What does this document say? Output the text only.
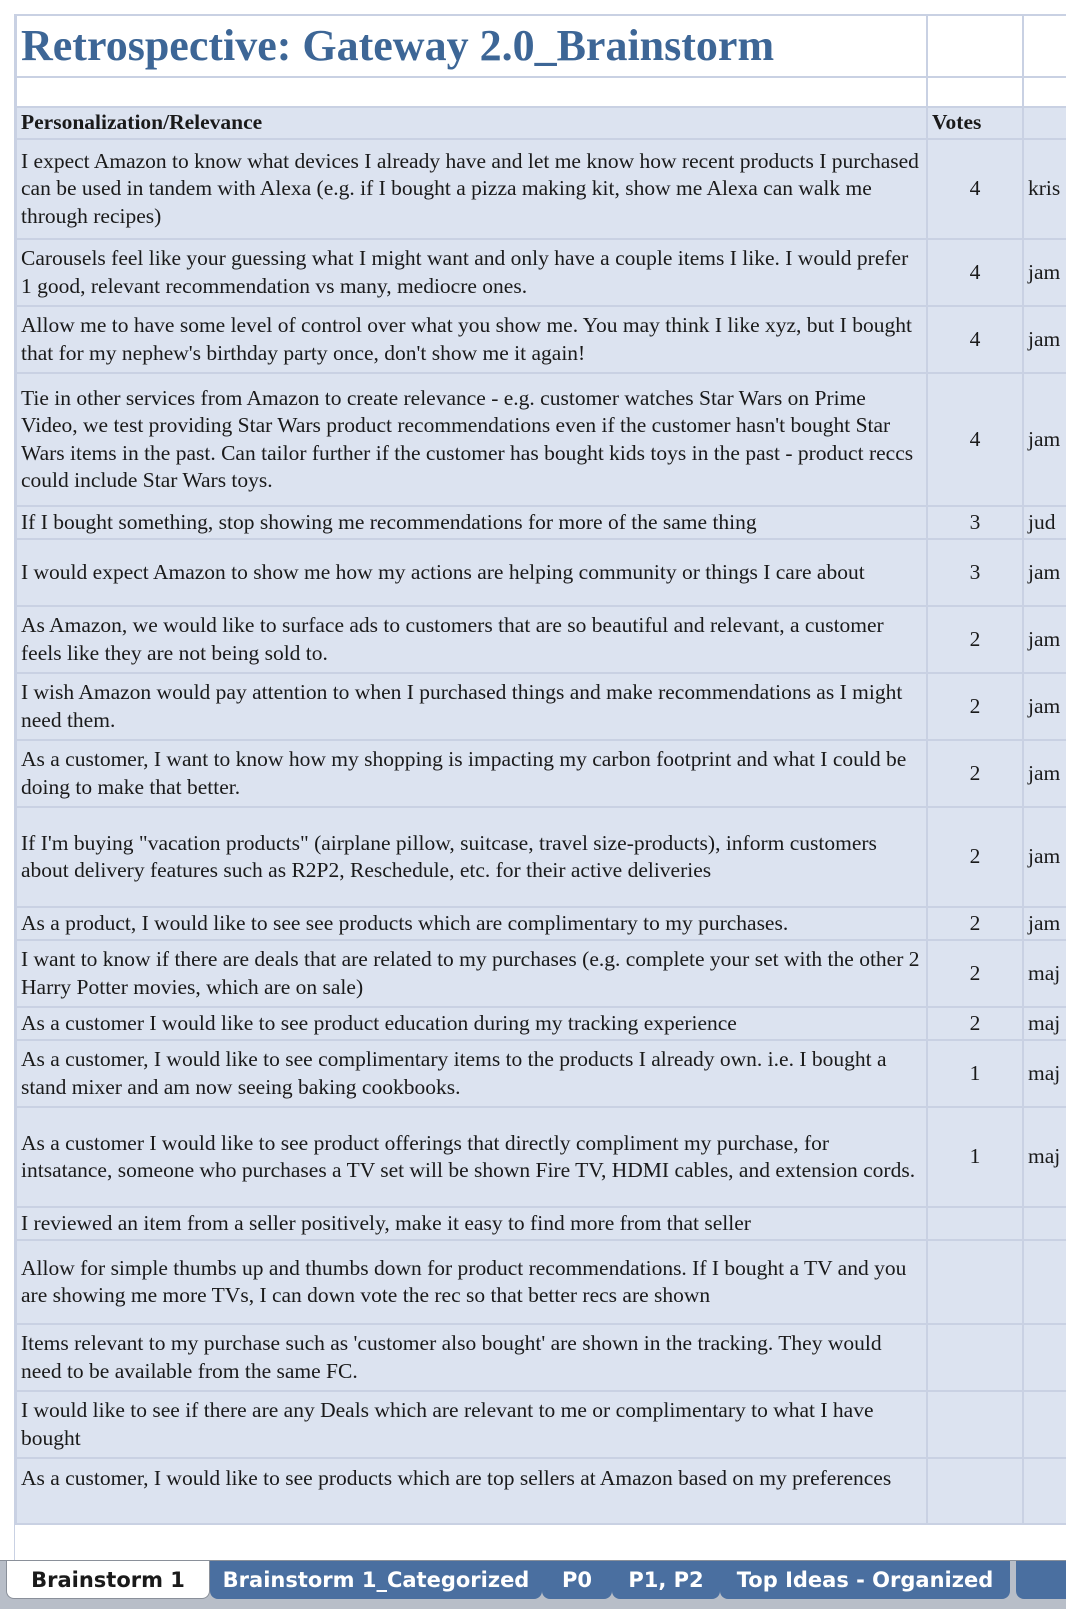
Retrospective: Gateway 2.0_Brainstorm		

Personalization/Relevance	Votes	
I expect Amazon to know what devices I already have and let me know how recent products I purchased can be used in tandem with Alexa (e.g. if I bought a pizza making kit, show me Alexa can walk me through recipes)	4	kris
Carousels feel like your guessing what I might want and only have a couple items I like. I would prefer 1 good, relevant recommendation vs many, mediocre ones.	4	jam
Allow me to have some level of control over what you show me. You may think I like xyz, but I bought that for my nephew's birthday party once, don't show me it again!	4	jam
Tie in other services from Amazon to create relevance - e.g. customer watches Star Wars on Prime Video, we test providing Star Wars product recommendations even if the customer hasn't bought Star Wars items in the past. Can tailor further if the customer has bought kids toys in the past - product reccs could include Star Wars toys.	4	jam
If I bought something, stop showing me recommendations for more of the same thing	3	jud
I would expect Amazon to show me how my actions are helping community or things I care about	3	jam
As Amazon, we would like to surface ads to customers that are so beautiful and relevant, a customer feels like they are not being sold to.	2	jam
I wish Amazon would pay attention to when I purchased things and make recommendations as I might need them.	2	jam
As a customer, I want to know how my shopping is impacting my carbon footprint and what I could be doing to make that better.	2	jam
If I'm buying "vacation products" (airplane pillow, suitcase, travel size-products), inform customers about delivery features such as R2P2, Reschedule, etc. for their active deliveries	2	jam
As a product, I would like to see see products which are complimentary to my purchases.	2	jam
I want to know if there are deals that are related to my purchases (e.g. complete your set with the other 2 Harry Potter movies, which are on sale)	2	maj
As a customer I would like to see product education during my tracking experience	2	maj
As a customer, I would like to see complimentary items to the products I already own. i.e. I bought a stand mixer and am now seeing baking cookbooks.	1	maj
As a customer I would like to see product offerings that directly compliment my purchase, for intsatance, someone who purchases a TV set will be shown Fire TV, HDMI cables, and extension cords.	1	maj
I reviewed an item from a seller positively, make it easy to find more from that seller		
Allow for simple thumbs up and thumbs down for product recommendations. If I bought a TV and you are showing me more TVs, I can down vote the rec so that better recs are shown		
Items relevant to my purchase such as 'customer also bought' are shown in the tracking. They would need to be available from the same FC.		
I would like to see if there are any Deals which are relevant to me or complimentary to what I have bought		
As a customer, I would like to see products which are top sellers at Amazon based on my preferences		
Brainstorm 1	Brainstorm 1_Categorized	P0	P1, P2	Top Ideas - Organized
